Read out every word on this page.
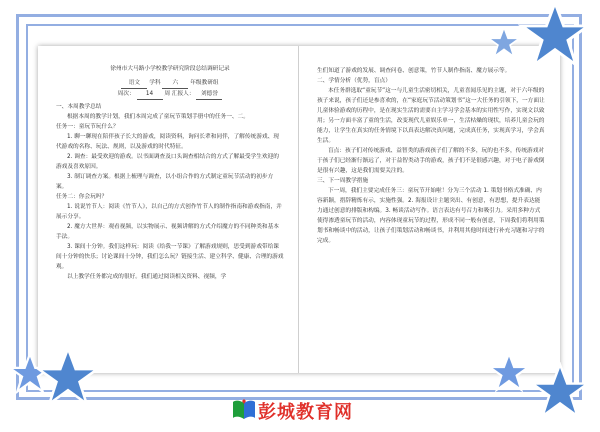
徐州市大马路小学校教学研究阶段总结调研记录

语文 学科 六 年级教研组

周次： 14 周 汇报人： 刘德誉

一、本周教学总结

根据本周的教学计划，我们本周完成了童玩节策划手册中的任务一、二。

任务一：童玩节玩什么？

1. 聊一聊现在陪伴孩子长大的游戏，阅读资料，询问长辈和同伴，了解传统游戏、现代游戏的名称、玩法、规则，以及游戏的时代特征。

2. 调查：最受欢迎的游戏。以书面调查及口头调查相结合的方式了解最受学生欢迎的游戏及喜欢原因。

3. 制订调查方案。根据上梳理与调查，以小组合作的方式制定童玩节活动的初步方案。

任务二：你会玩吗？

1. 说说竹节人：阅读《竹节人》，以自己的方式创作竹节人的制作指南和游戏指南，并展示分享。

2. 魔方大世界：观看视频，以实物展示、视频讲解的方式介绍魔方的不同种类和基本手法。

3. 课间十分钟。我们这样玩：阅读《给我一节课》了解游戏规则，思受到游戏带给课间十分钟的快乐；讨论课间十分钟，我们怎么玩？链接生活、建立科学、健康、合理的游戏观。

以上教学任务都完成的很好。我们通过阅读相关资料、视频，学

生们知道了游戏的发展、调查问卷、创意策，竹节人制作指南、魔方展示等。

二、学情分析（优势，盲点）

本任务群选取“童玩节”这一与儿童生活密切相关，儿童喜闻乐见的主题，对于六年级的孩子来说，孩子们还是参喜欢的，在“家庭玩节活动策划书”这一大任务的引领下，一方面让儿童体验游戏的历程中，是在现实生活的需要自主学习学会基本的实用性写作，实现文以致用；另一方面丰富了童的生活，改变现代儿童娱乐单一，生活枯燥的现状，培养儿童会玩的能力，让学生在真实的任务情境下以真表达解决真问题，完成真任务，实现真学习，学会真生活。

盲点：孩子们对传统游戏、益智类的游戏孩子们了解的不多，玩的也不多，传统游戏对于孩子们已经渐行渐远了，对于益智类动手的游戏，孩子们不是很感兴趣，对于电子游戏倒是很有兴趣，这是我们需要关注的。

三、下一周教学措施

下一周，我们主要完成任务三：童玩节开始啦！分为三个活动 1. 策划书格式准确、内容新颖，措辞精炼有示，实施性强。2. 海报设计主题突出、有创意，有思想，提升表达能力通过创意的排版和构编。3. 畅谈活动写作。语言表达有号召力和吸引力。采用多种方式使得渗透童玩节的活动，内容体现童玩节的过程，形成不同一般有创意，下周我们将利用策划书和畅谈中的活动，让孩子们策划活动和畅谈书，并利用其他时间进行补充习题和习字的完成。

彭城教育网
